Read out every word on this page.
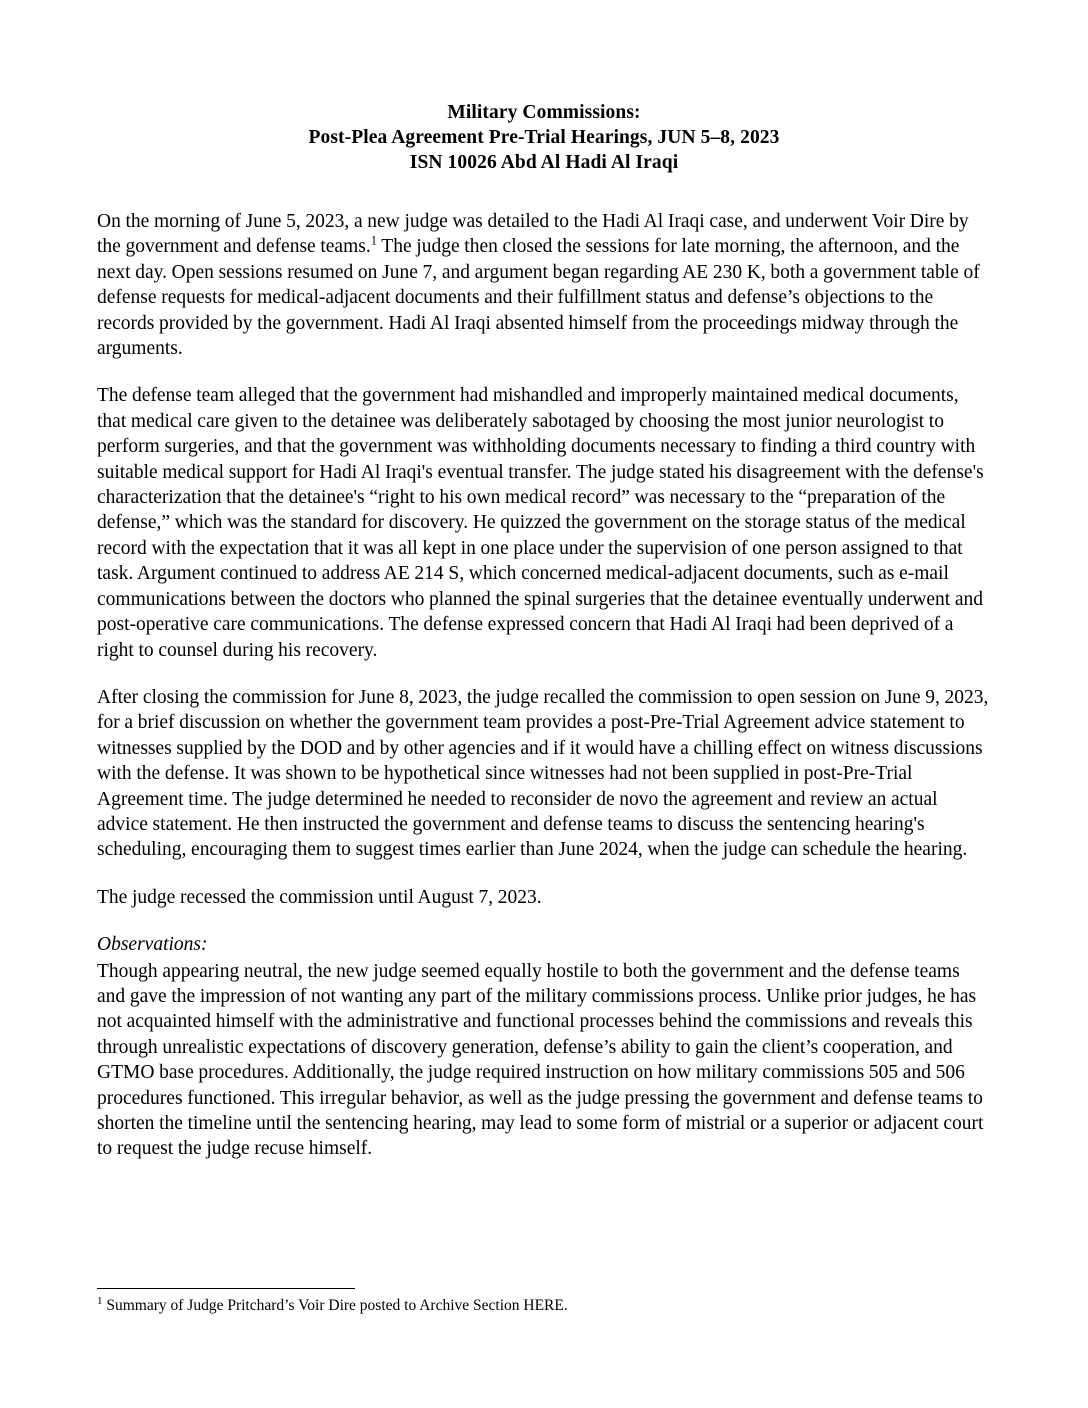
Military Commissions:
Post-Plea Agreement Pre-Trial Hearings, JUN 5–8, 2023
ISN 10026 Abd Al Hadi Al Iraqi

On the morning of June 5, 2023, a new judge was detailed to the Hadi Al Iraqi case, and underwent Voir Dire by the government and defense teams.$^1$ The judge then closed the sessions for late morning, the afternoon, and the next day. Open sessions resumed on June 7, and argument began regarding AE 230 K, both a government table of defense requests for medical-adjacent documents and their fulfillment status and defense’s objections to the records provided by the government. Hadi Al Iraqi absented himself from the proceedings midway through the arguments.

The defense team alleged that the government had mishandled and improperly maintained medical documents, that medical care given to the detainee was deliberately sabotaged by choosing the most junior neurologist to perform surgeries, and that the government was withholding documents necessary to finding a third country with suitable medical support for Hadi Al Iraqi's eventual transfer. The judge stated his disagreement with the defense's characterization that the detainee's “right to his own medical record” was necessary to the “preparation of the defense,” which was the standard for discovery. He quizzed the government on the storage status of the medical record with the expectation that it was all kept in one place under the supervision of one person assigned to that task. Argument continued to address AE 214 S, which concerned medical-adjacent documents, such as e-mail communications between the doctors who planned the spinal surgeries that the detainee eventually underwent and post-operative care communications. The defense expressed concern that Hadi Al Iraqi had been deprived of a right to counsel during his recovery.

After closing the commission for June 8, 2023, the judge recalled the commission to open session on June 9, 2023, for a brief discussion on whether the government team provides a post-Pre-Trial Agreement advice statement to witnesses supplied by the DOD and by other agencies and if it would have a chilling effect on witness discussions with the defense. It was shown to be hypothetical since witnesses had not been supplied in post-Pre-Trial Agreement time. The judge determined he needed to reconsider de novo the agreement and review an actual advice statement. He then instructed the government and defense teams to discuss the sentencing hearing's scheduling, encouraging them to suggest times earlier than June 2024, when the judge can schedule the hearing.

The judge recessed the commission until August 7, 2023.

Observations:

Though appearing neutral, the new judge seemed equally hostile to both the government and the defense teams and gave the impression of not wanting any part of the military commissions process. Unlike prior judges, he has not acquainted himself with the administrative and functional processes behind the commissions and reveals this through unrealistic expectations of discovery generation, defense’s ability to gain the client’s cooperation, and GTMO base procedures. Additionally, the judge required instruction on how military commissions 505 and 506 procedures functioned. This irregular behavior, as well as the judge pressing the government and defense teams to shorten the timeline until the sentencing hearing, may lead to some form of mistrial or a superior or adjacent court to request the judge recuse himself.

$^1$ Summary of Judge Pritchard’s Voir Dire posted to Archive Section HERE.
